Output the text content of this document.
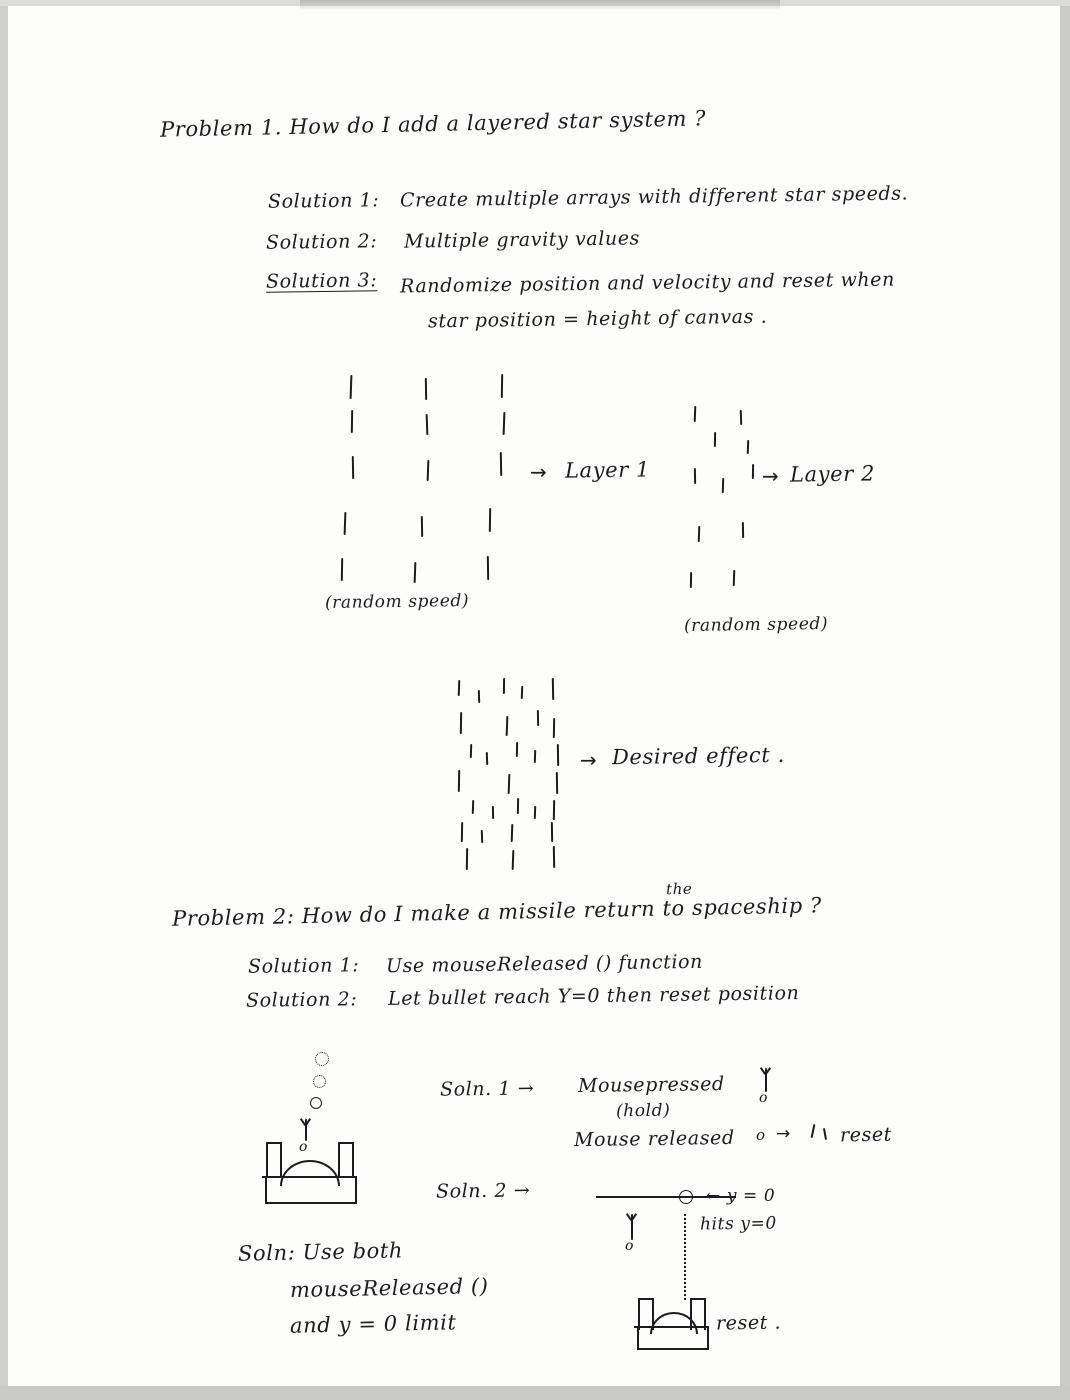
Problem 1. How do I add a layered star system ?
Solution 1: Create multiple arrays with different star speeds.
Solution 2: Multiple gravity values
Solution 3: Randomize position and velocity and reset when
star position = height of canvas .
→ Layer 1
(random speed)
→ Layer 2
(random speed)
→ Desired effect .
Problem 2: How do I make a missile return to spaceship ?
the
Solution 1: Use mouseReleased () function
Solution 2: Let bullet reach Y=0 then reset position
o
Soln. 1 → Mousepressed
(hold)
Mouse released
o
o →	reset
Soln. 2 →	← y = 0
hits y=0
o
reset .
Soln: Use both
mouseReleased ()
and y = 0 limit
